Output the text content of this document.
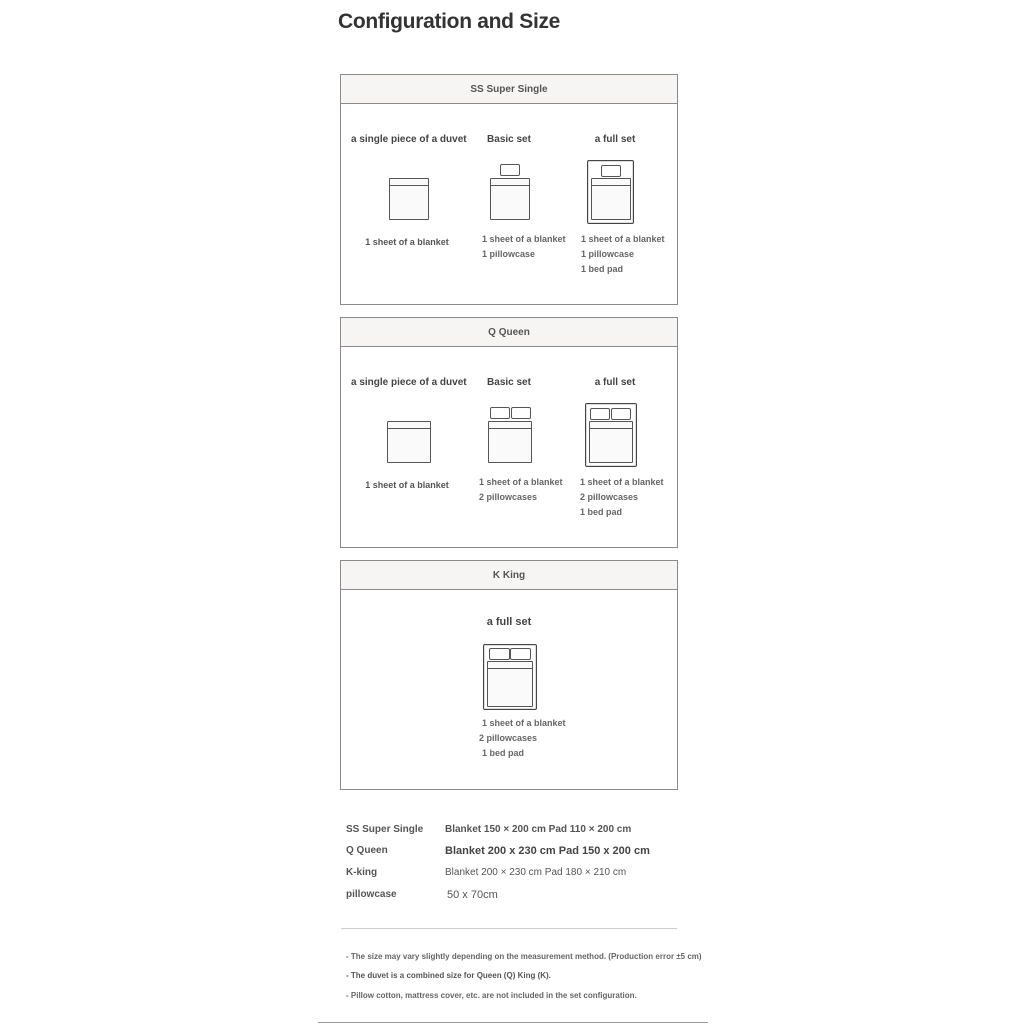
Configuration and Size
SS Super Single
a single piece of a duvet
1 sheet of a blanket
Basic set
1 sheet of a blanket
1 pillowcase
a full set
1 sheet of a blanket
1 pillowcase
1 bed pad
Q Queen
a single piece of a duvet
1 sheet of a blanket
Basic set
1 sheet of a blanket
2 pillowcases
a full set
1 sheet of a blanket
2 pillowcases
1 bed pad
K King
a full set
1 sheet of a blanket
2 pillowcases
1 bed pad
SS Super Single Blanket 150 × 200 cm Pad 110 × 200 cm
Q Queen	Blanket 200 x 230 cm Pad 150 x 200 cm
K-king	Blanket 200 × 230 cm Pad 180 × 210 cm
pillowcase	50 x 70cm
- The size may vary slightly depending on the measurement method. (Production error ±5 cm)
- The duvet is a combined size for Queen (Q) King (K).
- Pillow cotton, mattress cover, etc. are not included in the set configuration.
